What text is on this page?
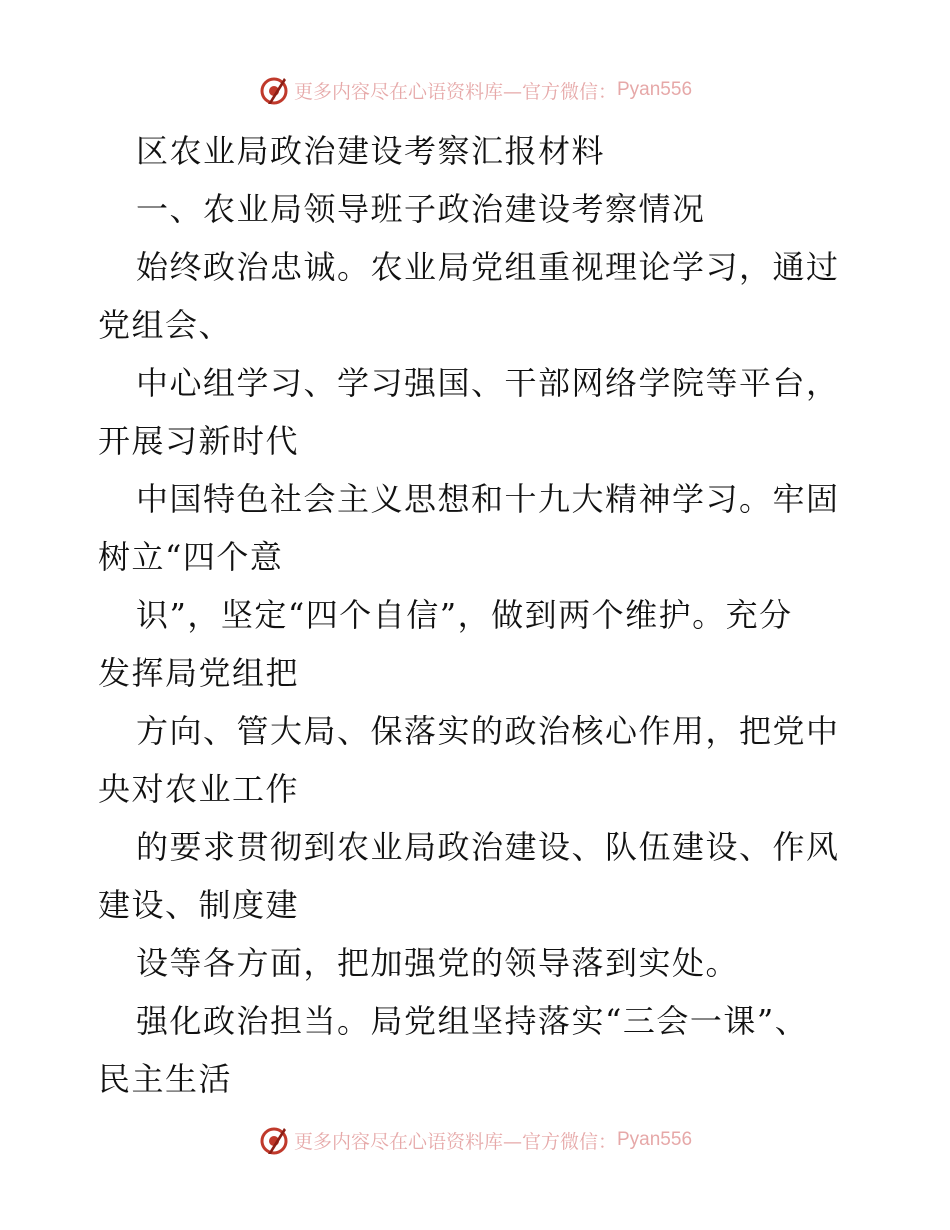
更多内容尽在心语资料库—官方微信： Pyan556
区农业局政治建设考察汇报材料
一、农业局领导班子政治建设考察情况
始终政治忠诚。农业局党组重视理论学习，通过
党组会、
中心组学习、学习强国、干部网络学院等平台，
开展习新时代
中国特色社会主义思想和十九大精神学习。牢固
树立“四个意
识”，坚定“四个自信”，做到两个维护。充分
发挥局党组把
方向、管大局、保落实的政治核心作用，把党中
央对农业工作
的要求贯彻到农业局政治建设、队伍建设、作风
建设、制度建
设等各方面，把加强党的领导落到实处。
强化政治担当。局党组坚持落实“三会一课”、
民主生活
更多内容尽在心语资料库—官方微信： Pyan556
